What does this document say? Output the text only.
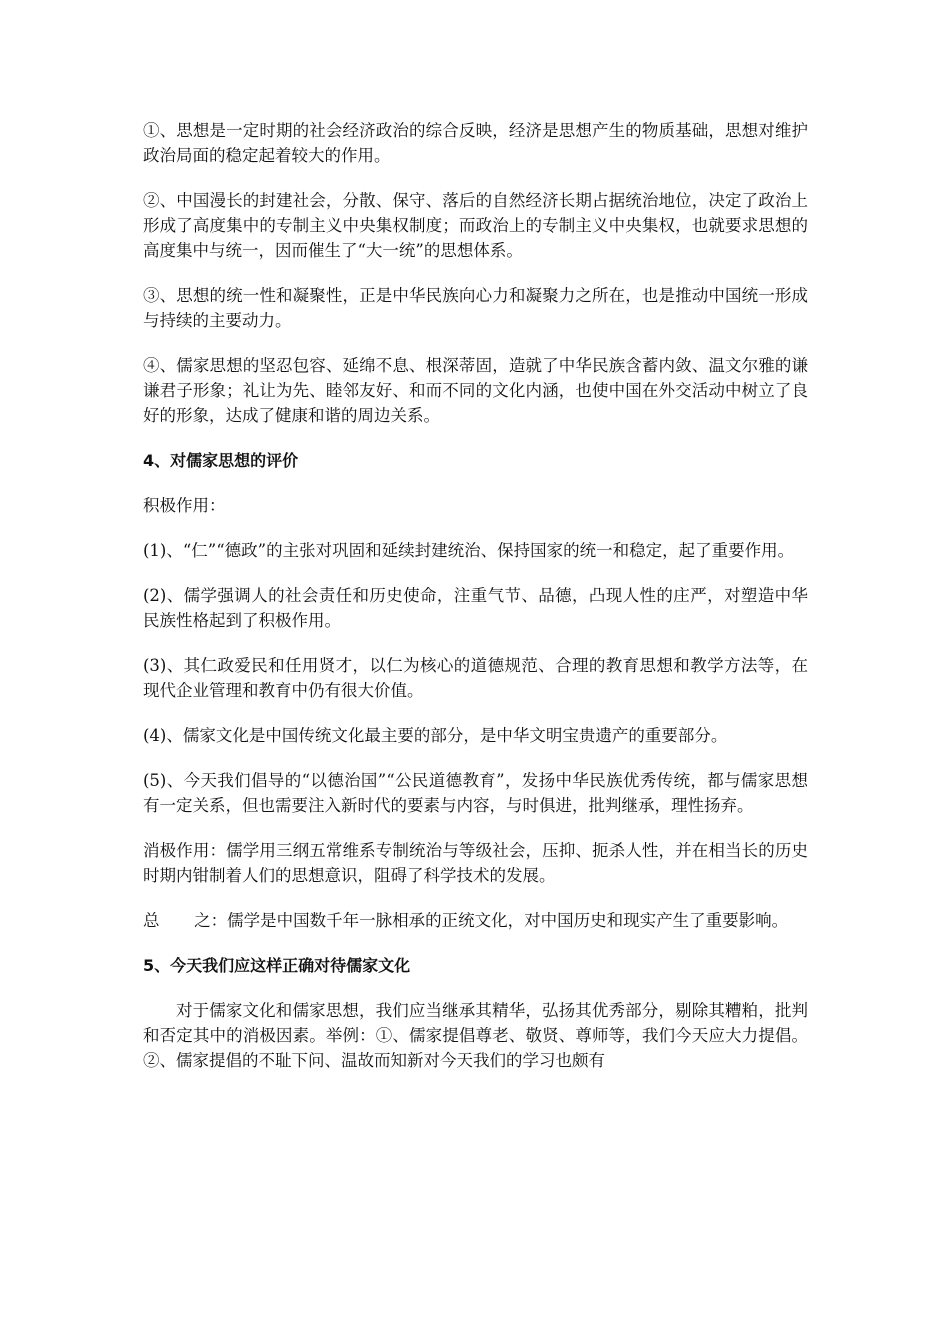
①、思想是一定时期的社会经济政治的综合反映，经济是思想产生的物质基础，思想对维护政治局面的稳定起着较大的作用。

②、中国漫长的封建社会，分散、保守、落后的自然经济长期占据统治地位，决定了政治上形成了高度集中的专制主义中央集权制度；而政治上的专制主义中央集权，也就要求思想的高度集中与统一，因而催生了“大一统”的思想体系。

③、思想的统一性和凝聚性，正是中华民族向心力和凝聚力之所在，也是推动中国统一形成与持续的主要动力。

④、儒家思想的坚忍包容、延绵不息、根深蒂固，造就了中华民族含蓄内敛、温文尔雅的谦谦君子形象；礼让为先、睦邻友好、和而不同的文化内涵，也使中国在外交活动中树立了良好的形象，达成了健康和谐的周边关系。

4、对儒家思想的评价

积极作用：

(1)、“仁”“德政”的主张对巩固和延续封建统治、保持国家的统一和稳定，起了重要作用。

(2)、儒学强调人的社会责任和历史使命，注重气节、品德，凸现人性的庄严，对塑造中华民族性格起到了积极作用。

(3)、其仁政爱民和任用贤才，以仁为核心的道德规范、合理的教育思想和教学方法等，在现代企业管理和教育中仍有很大价值。

(4)、儒家文化是中国传统文化最主要的部分，是中华文明宝贵遗产的重要部分。

(5)、今天我们倡导的“以德治国”“公民道德教育”，发扬中华民族优秀传统，都与儒家思想有一定关系，但也需要注入新时代的要素与内容，与时俱进，批判继承，理性扬弃。

消极作用：儒学用三纲五常维系专制统治与等级社会，压抑、扼杀人性，并在相当长的历史时期内钳制着人们的思想意识，阻碍了科学技术的发展。

总 之：儒学是中国数千年一脉相承的正统文化，对中国历史和现实产生了重要影响。

5、今天我们应这样正确对待儒家文化

对于儒家文化和儒家思想，我们应当继承其精华，弘扬其优秀部分，剔除其糟粕，批判和否定其中的消极因素。举例：①、儒家提倡尊老、敬贤、尊师等，我们今天应大力提倡。②、儒家提倡的不耻下问、温故而知新对今天我们的学习也颇有
